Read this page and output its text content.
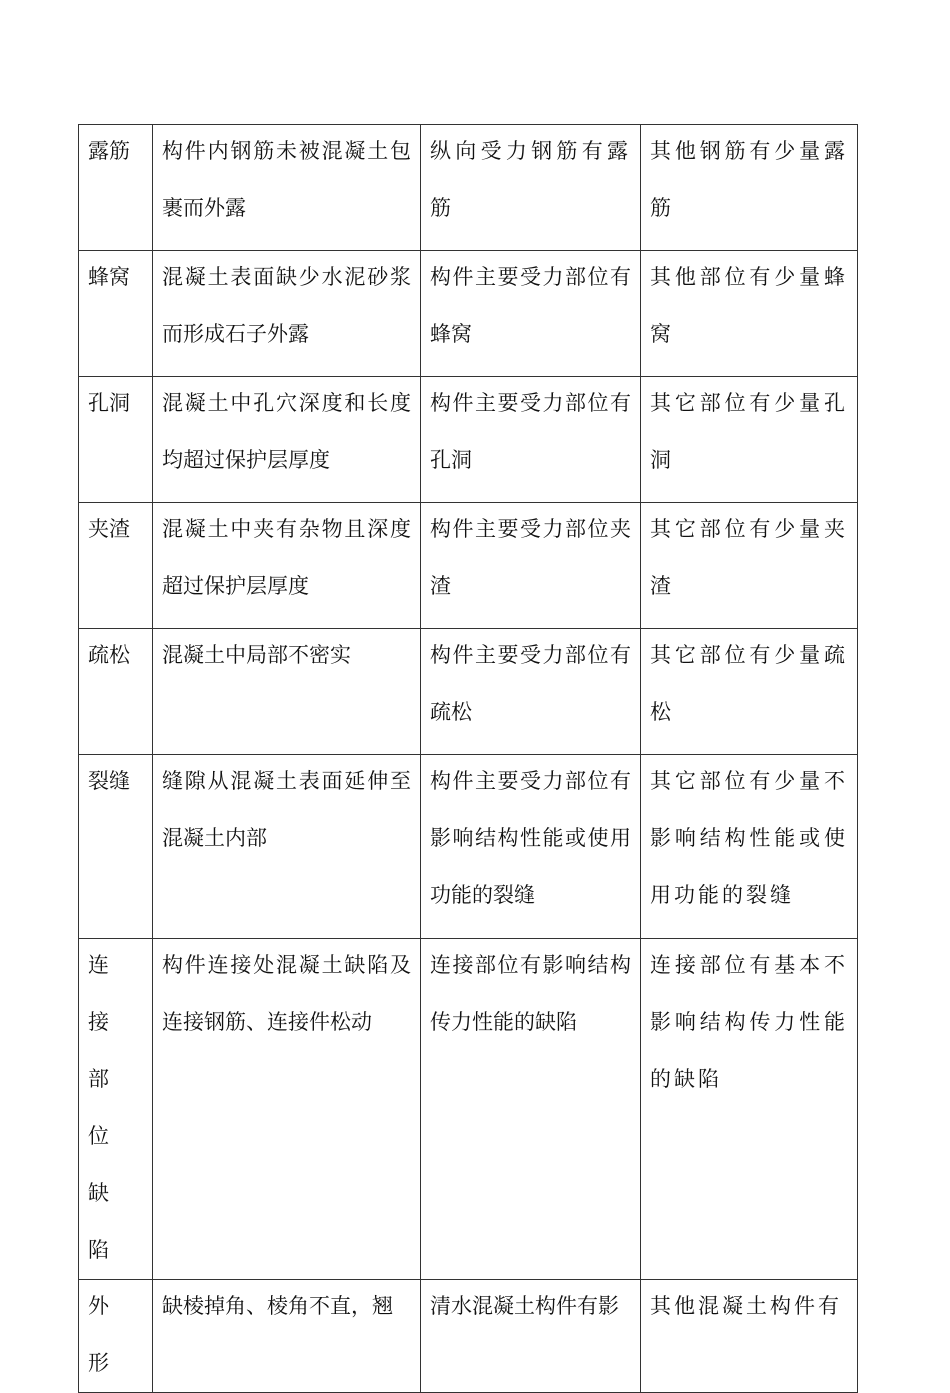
露筋	构件内钢筋未被混凝土包裹而外露	纵向受力钢筋有露筋	其他钢筋有少量露筋

蜂窝	混凝土表面缺少水泥砂浆而形成石子外露	构件主要受力部位有蜂窝	其他部位有少量蜂窝

孔洞	混凝土中孔穴深度和长度均超过保护层厚度	构件主要受力部位有孔洞	其它部位有少量孔洞

夹渣	混凝土中夹有杂物且深度超过保护层厚度	构件主要受力部位夹渣	其它部位有少量夹渣

疏松	混凝土中局部不密实	构件主要受力部位有疏松	其它部位有少量疏松

裂缝	缝隙从混凝土表面延伸至混凝土内部	构件主要受力部位有影响结构性能或使用功能的裂缝	其它部位有少量不影响结构性能或使用功能的裂缝

连接部位缺陷	构件连接处混凝土缺陷及连接钢筋、连接件松动	连接部位有影响结构传力性能的缺陷	连接部位有基本不影响结构传力性能的缺陷

外形	缺棱掉角、棱角不直，翘	清水混凝土构件有影	其他混凝土构件有
